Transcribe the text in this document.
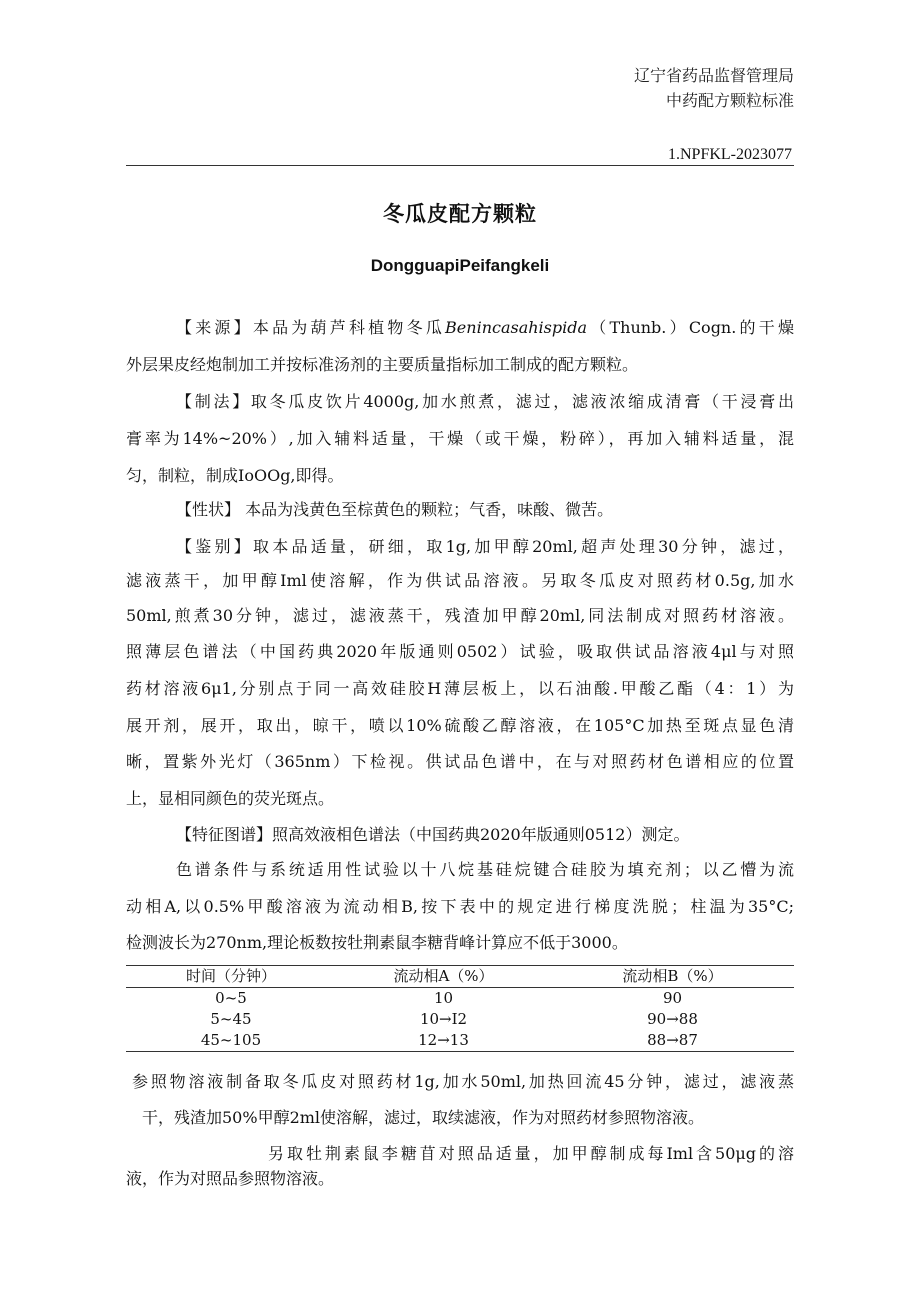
辽宁省药品监督管理局
中药配方颗粒标准
1.NPFKL-2023077
冬瓜皮配方颗粒
DongguapiPeifangkeli
【来源】本品为葫芦科植物冬瓜Benincasahispida（Thunb.）Cogn.的干燥
外层果皮经炮制加工并按标准汤剂的主要质量指标加工制成的配方颗粒。
【制法】取冬瓜皮饮片4000g,加水煎煮，滤过，滤液浓缩成清膏（干浸膏出
膏率为14%~20%）,加入辅料适量，干燥（或干燥，粉碎），再加入辅料适量，混
匀，制粒，制成IoOOg,即得。
【性状】 本品为浅黄色至棕黄色的颗粒；气香，味酸、微苦。
【鉴别】取本品适量，研细，取1g,加甲醇20ml,超声处理30分钟，滤过，
滤液蒸干，加甲醇Iml使溶解，作为供试品溶液。另取冬瓜皮对照药材0.5g,加水
50ml,煎煮30分钟，滤过，滤液蒸干，残渣加甲醇20ml,同法制成对照药材溶液。
照薄层色谱法（中国药典2020年版通则0502）试验，吸取供试品溶液4μl与对照
药材溶液6μ1,分别点于同一高效硅胶H薄层板上，以石油酸.甲酸乙酯（4：1）为
展开剂，展开，取出，晾干，喷以10%硫酸乙醇溶液，在105°C加热至斑点显色清
晰，置紫外光灯（365nm）下检视。供试品色谱中，在与对照药材色谱相应的位置
上，显相同颜色的荧光斑点。
【特征图谱】照高效液相色谱法（中国药典2020年版通则0512）测定。
色谱条件与系统适用性试验以十八烷基硅烷键合硅胶为填充剂；以乙懵为流
动相A,以0.5%甲酸溶液为流动相B,按下表中的规定进行梯度洗脱；柱温为35°C;
检测波长为270nm,理论板数按牡荆素鼠李糖背峰计算应不低于3000。
时间（分钟）	流动相A（%）	流动相B（%）
0~5	10	90
5~45	10→I2	90→88
45~105	12→13	88→87
参照物溶液制备取冬瓜皮对照药材1g,加水50ml,加热回流45分钟，滤过，滤液蒸
干，残渣加50%甲醇2ml使溶解，滤过，取续滤液，作为对照药材参照物溶液。
另取牡荆素鼠李糖苜对照品适量，加甲醇制成每Iml含50μg的溶
液，作为对照品参照物溶液。
